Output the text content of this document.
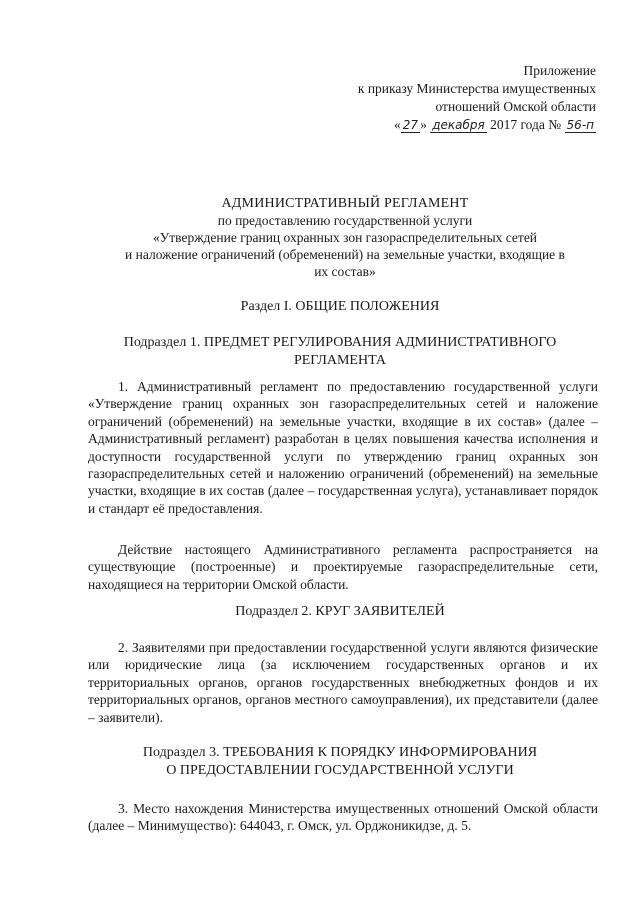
Приложение
к приказу Министерства имущественных
отношений Омской области
« 27 » декабря 2017 года № 56-п
АДМИНИСТРАТИВНЫЙ РЕГЛАМЕНТ
по предоставлению государственной услуги
«Утверждение границ охранных зон газораспределительных сетей
и наложение ограничений (обременений) на земельные участки, входящие в
их состав»
Раздел I. ОБЩИЕ ПОЛОЖЕНИЯ
Подраздел 1. ПРЕДМЕТ РЕГУЛИРОВАНИЯ АДМИНИСТРАТИВНОГО
РЕГЛАМЕНТА
1. Административный регламент по предоставлению государственной услуги «Утверждение границ охранных зон газораспределительных сетей и наложение ограничений (обременений) на земельные участки, входящие в их состав» (далее – Административный регламент) разработан в целях повышения качества исполнения и доступности государственной услуги по утверждению границ охранных зон газораспределительных сетей и наложению ограничений (обременений) на земельные участки, входящие в их состав (далее – государственная услуга), устанавливает порядок и стандарт её предоставления.
Действие настоящего Административного регламента распространяется на существующие (построенные) и проектируемые газораспределительные сети, находящиеся на территории Омской области.
Подраздел 2. КРУГ ЗАЯВИТЕЛЕЙ
2. Заявителями при предоставлении государственной услуги являются физические или юридические лица (за исключением государственных органов и их территориальных органов, органов государственных внебюджетных фондов и их территориальных органов, органов местного самоуправления), их представители (далее – заявители).
Подраздел 3. ТРЕБОВАНИЯ К ПОРЯДКУ ИНФОРМИРОВАНИЯ
О ПРЕДОСТАВЛЕНИИ ГОСУДАРСТВЕННОЙ УСЛУГИ
3. Место нахождения Министерства имущественных отношений Омской области (далее – Минимущество): 644043, г. Омск, ул. Орджоникидзе, д. 5.
